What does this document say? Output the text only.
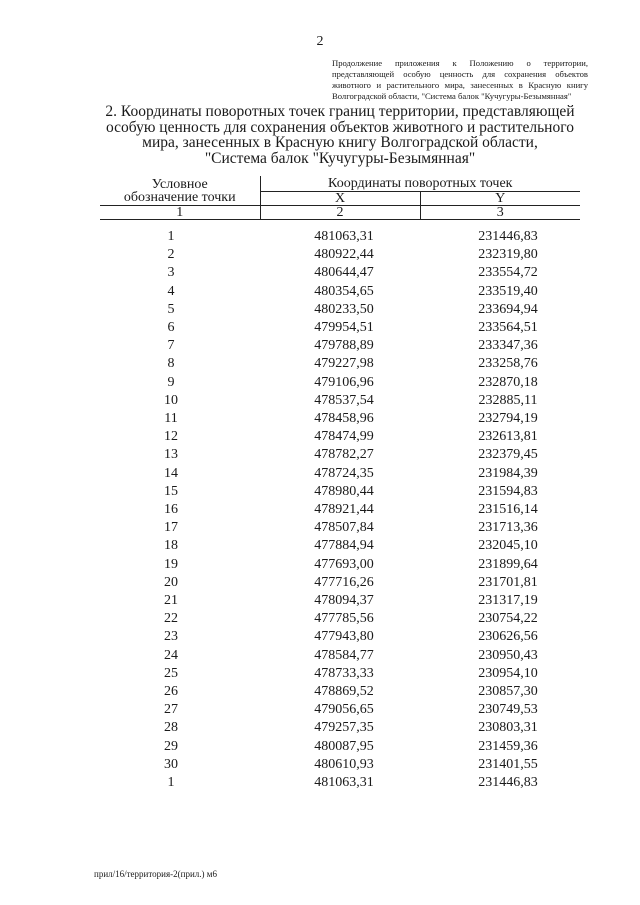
2
Продолжение приложения к Положению о территории, представляющей особую ценность для сохранения объектов животного и растительного мира, занесенных в Красную книгу Волгоградской области, "Система балок "Кучугуры-Безымянная"
2. Координаты поворотных точек границ территории, представляющей
особую ценность для сохранения объектов животного и растительного
мира, занесенных в Красную книгу Волгоградской области,
"Система балок "Кучугуры-Безымянная"
Условное обозначение точки	Координаты поворотных точек	
	X	Y
1	2	3
1	481063,31	231446,83
2	480922,44	232319,80
3	480644,47	233554,72
4	480354,65	233519,40
5	480233,50	233694,94
6	479954,51	233564,51
7	479788,89	233347,36
8	479227,98	233258,76
9	479106,96	232870,18
10	478537,54	232885,11
11	478458,96	232794,19
12	478474,99	232613,81
13	478782,27	232379,45
14	478724,35	231984,39
15	478980,44	231594,83
16	478921,44	231516,14
17	478507,84	231713,36
18	477884,94	232045,10
19	477693,00	231899,64
20	477716,26	231701,81
21	478094,37	231317,19
22	477785,56	230754,22
23	477943,80	230626,56
24	478584,77	230950,43
25	478733,33	230954,10
26	478869,52	230857,30
27	479056,65	230749,53
28	479257,35	230803,31
29	480087,95	231459,36
30	480610,93	231401,55
1	481063,31	231446,83
прил/16/территория-2(прил.) м6
